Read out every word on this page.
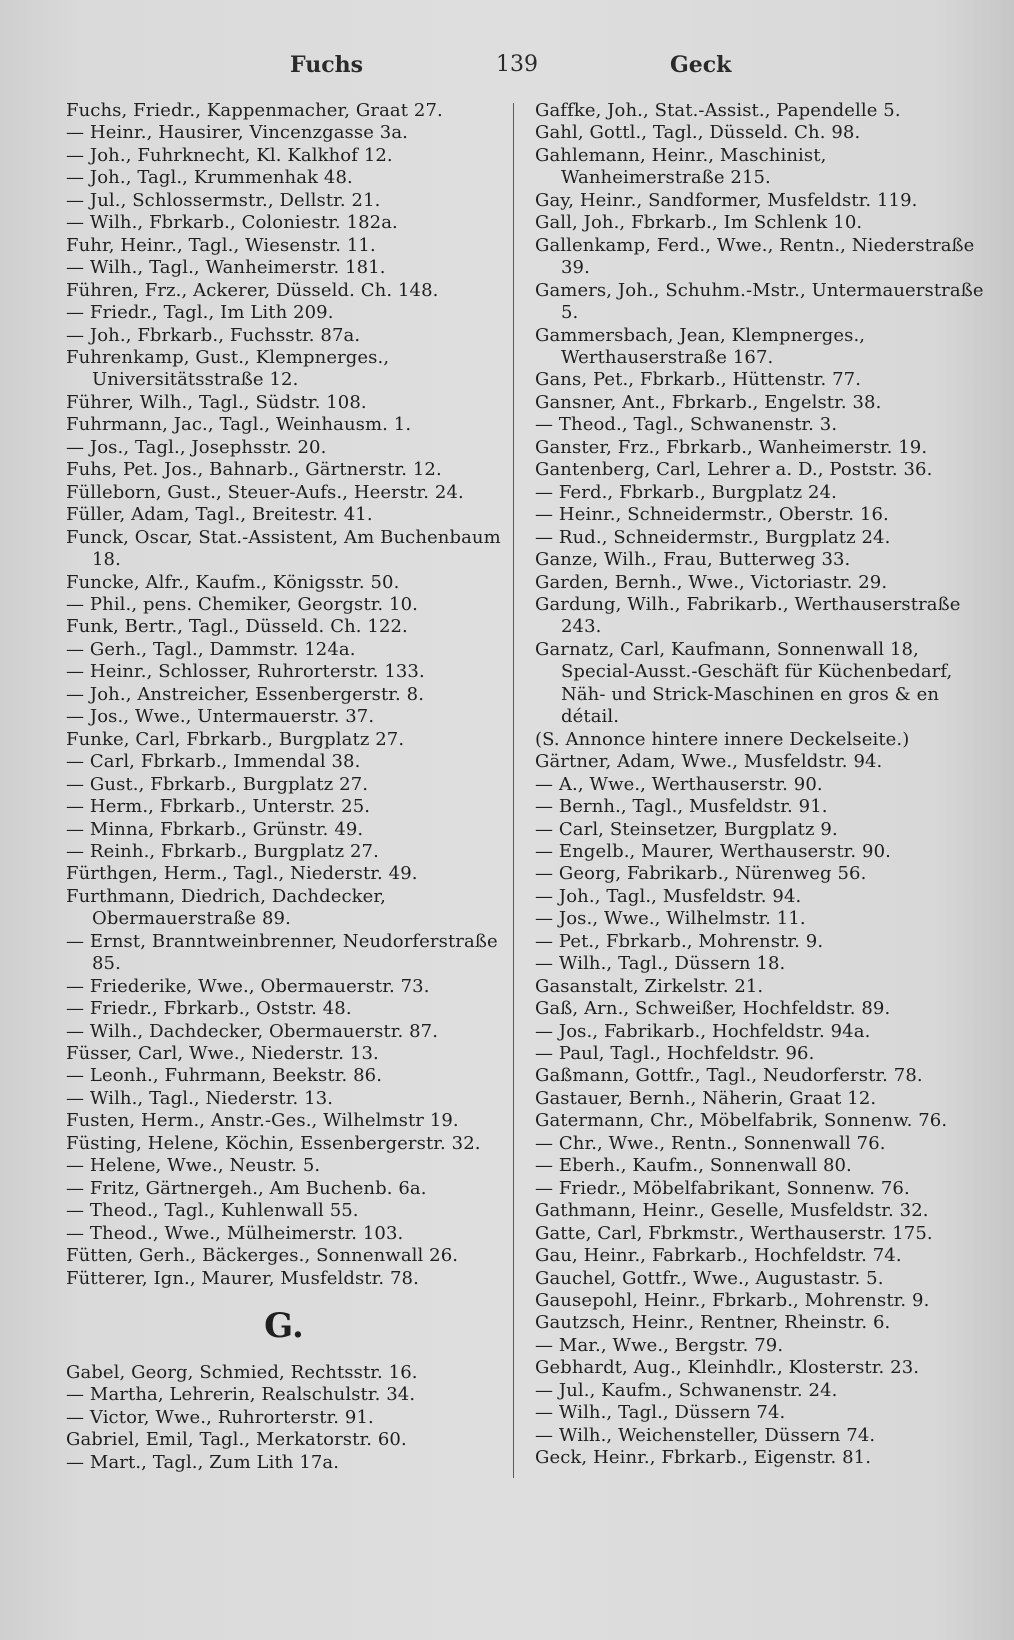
Fuchs	139	Geck
Fuchs, Friedr., Kappenmacher, Graat 27.
— Heinr., Hausirer, Vincenzgasse 3a.
— Joh., Fuhrknecht, Kl. Kalkhof 12.
— Joh., Tagl., Krummenhak 48.
— Jul., Schlossermstr., Dellstr. 21.
— Wilh., Fbrkarb., Coloniestr. 182a.
Fuhr, Heinr., Tagl., Wiesenstr. 11.
— Wilh., Tagl., Wanheimerstr. 181.
Führen, Frz., Ackerer, Düsseld. Ch. 148.
— Friedr., Tagl., Im Lith 209.
— Joh., Fbrkarb., Fuchsstr. 87a.
Fuhrenkamp, Gust., Klempnerges., Universitätsstraße 12.
Führer, Wilh., Tagl., Südstr. 108.
Fuhrmann, Jac., Tagl., Weinhausm. 1.
— Jos., Tagl., Josephsstr. 20.
Fuhs, Pet. Jos., Bahnarb., Gärtnerstr. 12.
Fülleborn, Gust., Steuer-Aufs., Heerstr. 24.
Füller, Adam, Tagl., Breitestr. 41.
Funck, Oscar, Stat.-Assistent, Am Buchenbaum 18.
Funcke, Alfr., Kaufm., Königsstr. 50.
— Phil., pens. Chemiker, Georgstr. 10.
Funk, Bertr., Tagl., Düsseld. Ch. 122.
— Gerh., Tagl., Dammstr. 124a.
— Heinr., Schlosser, Ruhrorterstr. 133.
— Joh., Anstreicher, Essenbergerstr. 8.
— Jos., Wwe., Untermauerstr. 37.
Funke, Carl, Fbrkarb., Burgplatz 27.
— Carl, Fbrkarb., Immendal 38.
— Gust., Fbrkarb., Burgplatz 27.
— Herm., Fbrkarb., Unterstr. 25.
— Minna, Fbrkarb., Grünstr. 49.
— Reinh., Fbrkarb., Burgplatz 27.
Fürthgen, Herm., Tagl., Niederstr. 49.
Furthmann, Diedrich, Dachdecker, Obermauerstraße 89.
— Ernst, Branntweinbrenner, Neudorferstraße 85.
— Friederike, Wwe., Obermauerstr. 73.
— Friedr., Fbrkarb., Oststr. 48.
— Wilh., Dachdecker, Obermauerstr. 87.
Füsser, Carl, Wwe., Niederstr. 13.
— Leonh., Fuhrmann, Beekstr. 86.
— Wilh., Tagl., Niederstr. 13.
Fusten, Herm., Anstr.-Ges., Wilhelmstr 19.
Füsting, Helene, Köchin, Essenbergerstr. 32.
— Helene, Wwe., Neustr. 5.
— Fritz, Gärtnergeh., Am Buchenb. 6a.
— Theod., Tagl., Kuhlenwall 55.
— Theod., Wwe., Mülheimerstr. 103.
Fütten, Gerh., Bäckerges., Sonnenwall 26.
Fütterer, Ign., Maurer, Musfeldstr. 78.
G.
Gabel, Georg, Schmied, Rechtsstr. 16.
— Martha, Lehrerin, Realschulstr. 34.
— Victor, Wwe., Ruhrorterstr. 91.
Gabriel, Emil, Tagl., Merkatorstr. 60.
— Mart., Tagl., Zum Lith 17a.
Gaffke, Joh., Stat.-Assist., Papendelle 5.
Gahl, Gottl., Tagl., Düsseld. Ch. 98.
Gahlemann, Heinr., Maschinist, Wanheimerstraße 215.
Gay, Heinr., Sandformer, Musfeldstr. 119.
Gall, Joh., Fbrkarb., Im Schlenk 10.
Gallenkamp, Ferd., Wwe., Rentn., Niederstraße 39.
Gamers, Joh., Schuhm.-Mstr., Untermauerstraße 5.
Gammersbach, Jean, Klempnerges., Werthauserstraße 167.
Gans, Pet., Fbrkarb., Hüttenstr. 77.
Gansner, Ant., Fbrkarb., Engelstr. 38.
— Theod., Tagl., Schwanenstr. 3.
Ganster, Frz., Fbrkarb., Wanheimerstr. 19.
Gantenberg, Carl, Lehrer a. D., Poststr. 36.
— Ferd., Fbrkarb., Burgplatz 24.
— Heinr., Schneidermstr., Oberstr. 16.
— Rud., Schneidermstr., Burgplatz 24.
Ganze, Wilh., Frau, Butterweg 33.
Garden, Bernh., Wwe., Victoriastr. 29.
Gardung, Wilh., Fabrikarb., Werthauserstraße 243.
Garnatz, Carl, Kaufmann, Sonnenwall 18, Special-Ausst.-Geschäft für Küchenbedarf, Näh- und Strick-Maschinen en gros & en détail.
(S. Annonce hintere innere Deckelseite.)
Gärtner, Adam, Wwe., Musfeldstr. 94.
— A., Wwe., Werthauserstr. 90.
— Bernh., Tagl., Musfeldstr. 91.
— Carl, Steinsetzer, Burgplatz 9.
— Engelb., Maurer, Werthauserstr. 90.
— Georg, Fabrikarb., Nürenweg 56.
— Joh., Tagl., Musfeldstr. 94.
— Jos., Wwe., Wilhelmstr. 11.
— Pet., Fbrkarb., Mohrenstr. 9.
— Wilh., Tagl., Düssern 18.
Gasanstalt, Zirkelstr. 21.
Gaß, Arn., Schweißer, Hochfeldstr. 89.
— Jos., Fabrikarb., Hochfeldstr. 94a.
— Paul, Tagl., Hochfeldstr. 96.
Gaßmann, Gottfr., Tagl., Neudorferstr. 78.
Gastauer, Bernh., Näherin, Graat 12.
Gatermann, Chr., Möbelfabrik, Sonnenw. 76.
— Chr., Wwe., Rentn., Sonnenwall 76.
— Eberh., Kaufm., Sonnenwall 80.
— Friedr., Möbelfabrikant, Sonnenw. 76.
Gathmann, Heinr., Geselle, Musfeldstr. 32.
Gatte, Carl, Fbrkmstr., Werthauserstr. 175.
Gau, Heinr., Fabrkarb., Hochfeldstr. 74.
Gauchel, Gottfr., Wwe., Augustastr. 5.
Gausepohl, Heinr., Fbrkarb., Mohrenstr. 9.
Gautzsch, Heinr., Rentner, Rheinstr. 6.
— Mar., Wwe., Bergstr. 79.
Gebhardt, Aug., Kleinhdlr., Klosterstr. 23.
— Jul., Kaufm., Schwanenstr. 24.
— Wilh., Tagl., Düssern 74.
— Wilh., Weichensteller, Düssern 74.
Geck, Heinr., Fbrkarb., Eigenstr. 81.
